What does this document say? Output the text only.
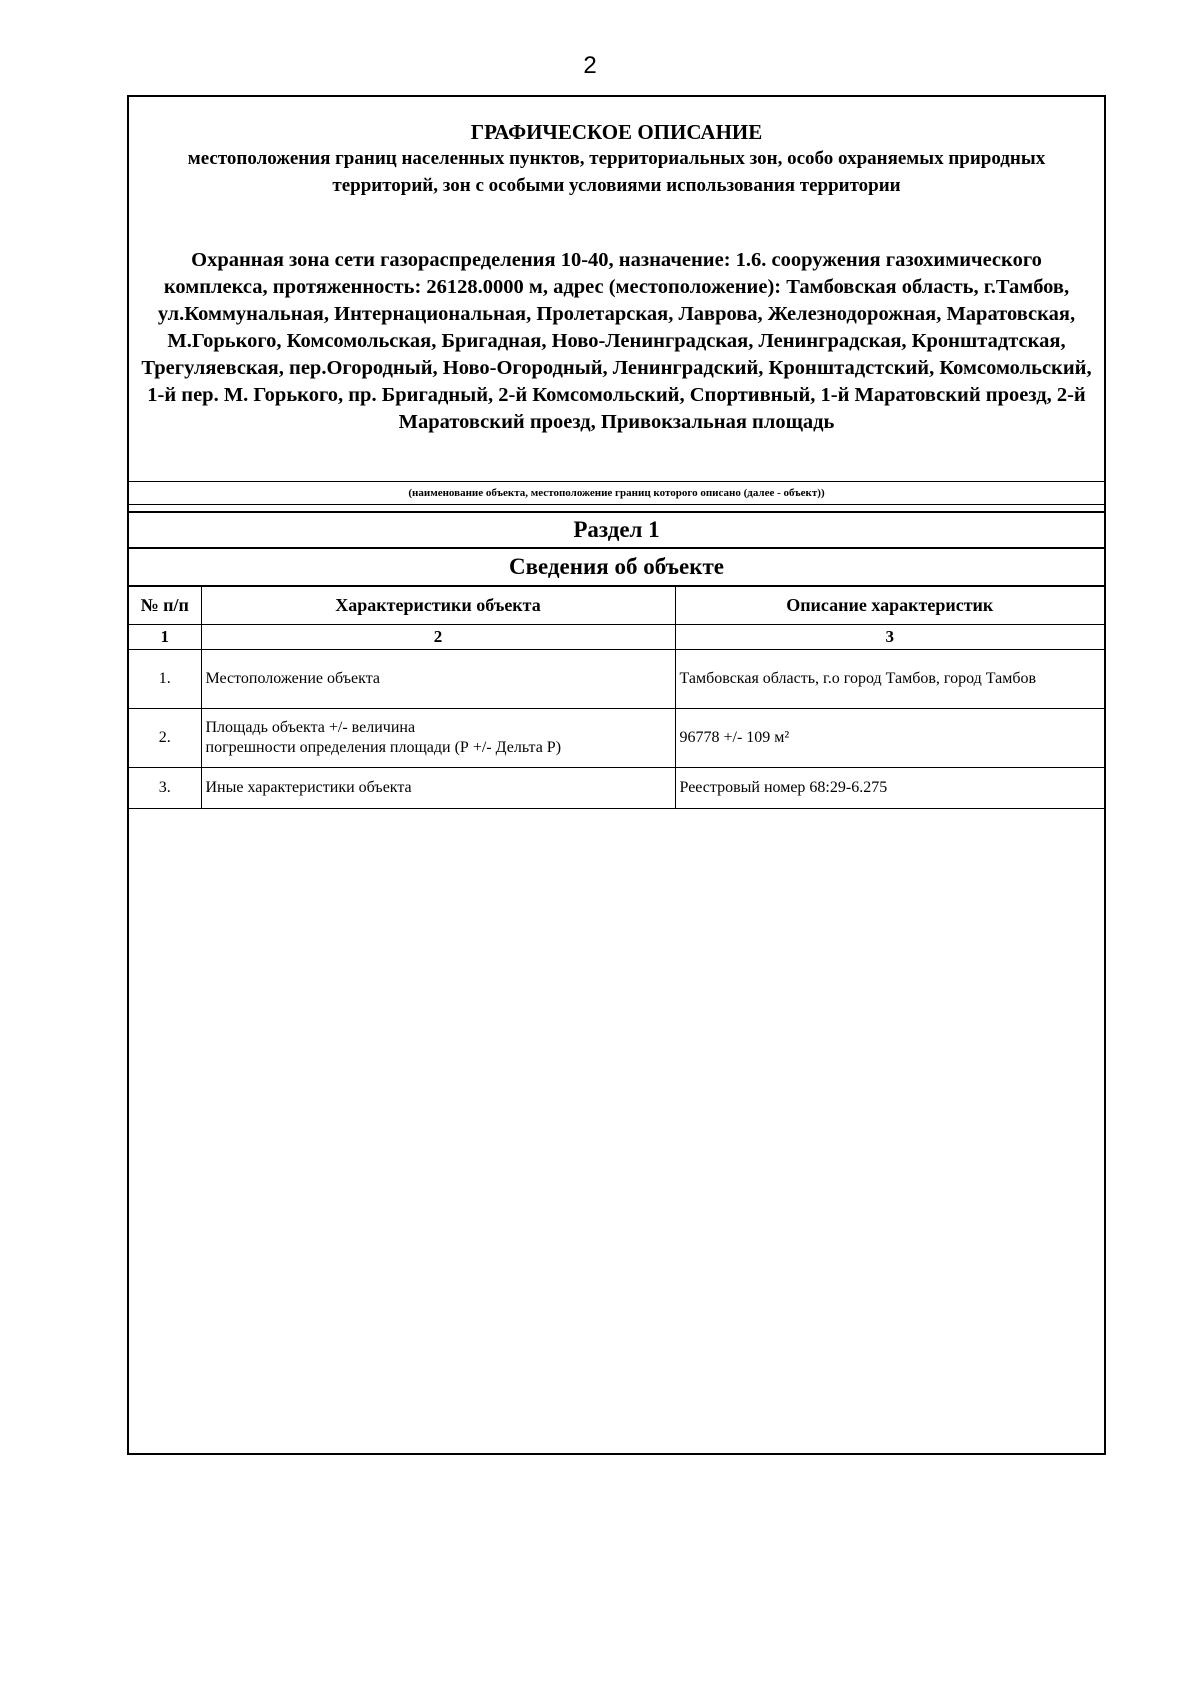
2
ГРАФИЧЕСКОЕ ОПИСАНИЕ
местоположения границ населенных пунктов, территориальных зон, особо охраняемых природных территорий, зон с особыми условиями использования территории
Охранная зона сети газораспределения 10-40, назначение: 1.6. сооружения газохимического комплекса, протяженность: 26128.0000 м, адрес (местоположение): Тамбовская область, г.Тамбов, ул.Коммунальная, Интернациональная, Пролетарская, Лаврова, Железнодорожная, Маратовская, М.Горького, Комсомольская, Бригадная, Ново-Ленинградская, Ленинградская, Кронштадтская, Трегуляевская, пер.Огородный, Ново-Огородный, Ленинградский, Кронштадстский, Комсомольский, 1-й пер. М. Горького, пр. Бригадный, 2-й Комсомольский, Спортивный, 1-й Маратовский проезд, 2-й Маратовский проезд, Привокзальная площадь
(наименование объекта, местоположение границ которого описано (далее - объект))
Раздел 1
Сведения об объекте
№ п/п	Характеристики объекта	Описание характеристик
1	2	3
1.	Местоположение объекта	Тамбовская область, г.о город Тамбов, город Тамбов
2.	Площадь объекта +/- величина
погрешности определения площади (Р +/- Дельта Р)	96778 +/- 109 м²
3.	Иные характеристики объекта	Реестровый номер 68:29-6.275
